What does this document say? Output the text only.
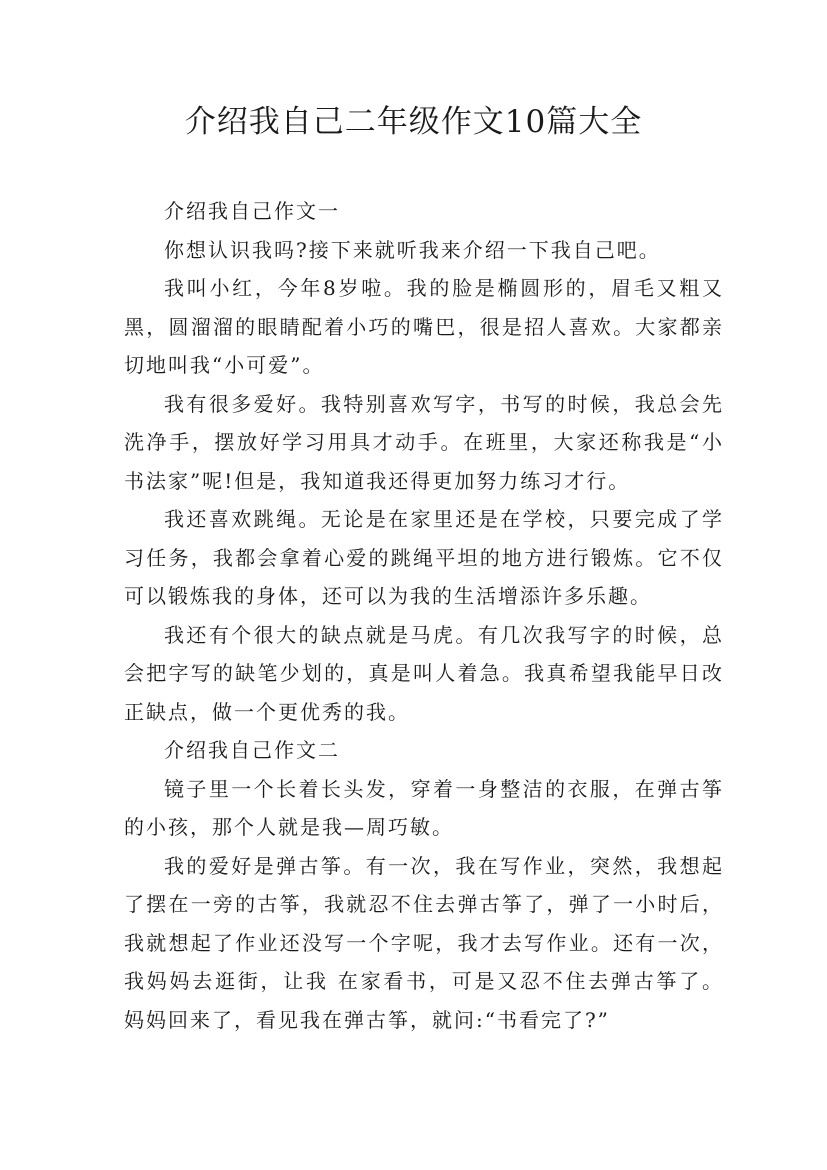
介绍我自己二年级作文10篇大全

介绍我自己作文一

你想认识我吗?接下来就听我来介绍一下我自己吧。

我叫小红，今年8岁啦。我的脸是椭圆形的，眉毛又粗又黑，圆溜溜的眼睛配着小巧的嘴巴，很是招人喜欢。大家都亲切地叫我“小可爱”。

我有很多爱好。我特别喜欢写字，书写的时候，我总会先洗净手，摆放好学习用具才动手。在班里，大家还称我是“小书法家”呢!但是，我知道我还得更加努力练习才行。

我还喜欢跳绳。无论是在家里还是在学校，只要完成了学习任务，我都会拿着心爱的跳绳平坦的地方进行锻炼。它不仅可以锻炼我的身体，还可以为我的生活增添许多乐趣。

我还有个很大的缺点就是马虎。有几次我写字的时候，总会把字写的缺笔少划的，真是叫人着急。我真希望我能早日改正缺点，做一个更优秀的我。

介绍我自己作文二

镜子里一个长着长头发，穿着一身整洁的衣服，在弹古筝的小孩，那个人就是我—周巧敏。

我的爱好是弹古筝。有一次，我在写作业，突然，我想起了摆在一旁的古筝，我就忍不住去弹古筝了，弹了一小时后，我就想起了作业还没写一个字呢，我才去写作业。还有一次，我妈妈去逛街，让我 在家看书，可是又忍不住去弹古筝了。妈妈回来了，看见我在弹古筝，就问:“书看完了?”
